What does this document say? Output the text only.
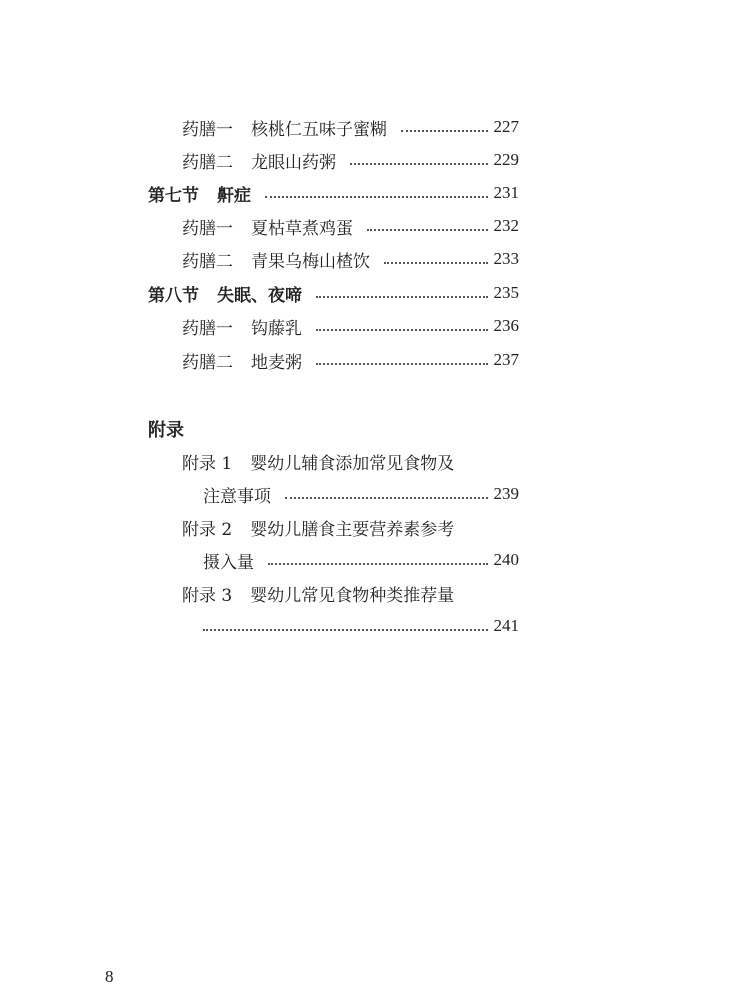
药膳一 核桃仁五味子蜜糊	227
药膳二 龙眼山药粥	229
第七节 鼾症	231
药膳一 夏枯草煮鸡蛋	232
药膳二 青果乌梅山楂饮	233
第八节 失眠、夜啼	235
药膳一 钩藤乳	236
药膳二 地麦粥	237
附录
附录 1 婴幼儿辅食添加常见食物及
注意事项	239
附录 2 婴幼儿膳食主要营养素参考
摄入量	240
附录 3 婴幼儿常见食物种类推荐量
241
8
